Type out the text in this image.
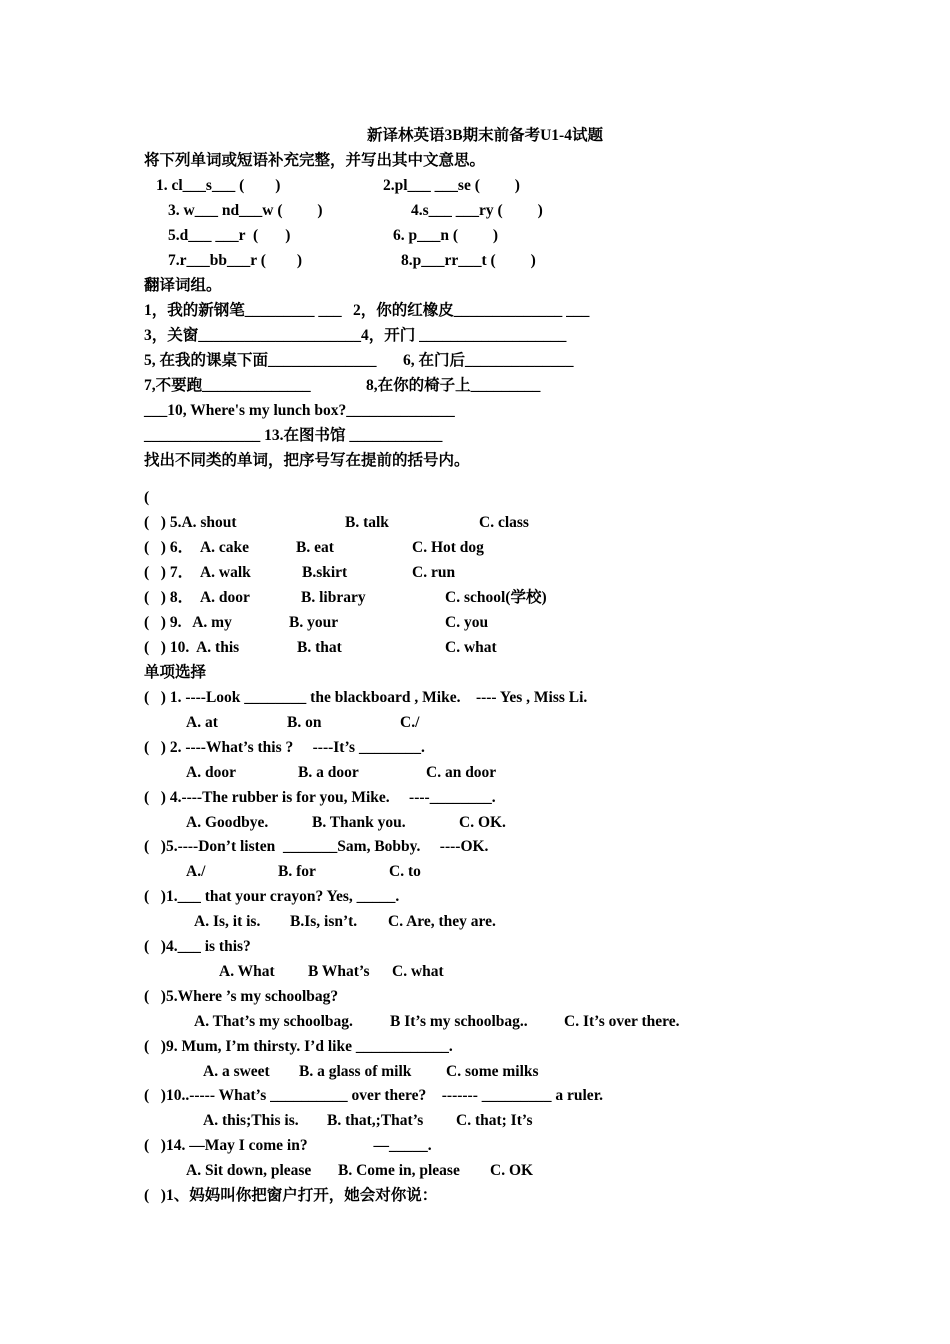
新译林英语3B期末前备考U1-4试题
将下列单词或短语补充完整，并写出其中文意思。
1. cl___s___ (        )	2.pl___ ___se (         )
3. w___ nd___w (         )	4.s___ ___ry (         )
5.d___ ___r  (       )	6. p___n (         )
7.r___bb___r (        )	8.p___rr___t (         )
翻译词组。
1，我的新钢笔_________ ___ 2，你的红橡皮______________ ___
3，关窗_____________________4，开门 ___________________
5, 在我的课桌下面______________ 6, 在门后______________
7,不要跑______________	8,在你的椅子上_________
___10, Where's my lunch box?______________
_______________ 13.在图书馆 ____________
找出不同类的单词，把序号写在提前的括号内。
(
(   ) 5.A. shout	B. talk	C. class
(   ) 6．  A. cake	B. eat	C. Hot dog
(   ) 7．  A. walk	B.skirt	C. run
(   ) 8．  A. door	B. library	C. school(学校)
(   ) 9.   A. my	B. your	C. you
(   ) 10.  A. this	B. that	C. what
单项选择
(   ) 1. ----Look ________ the blackboard , Mike.    ---- Yes , Miss Li.
A. at	B. on	C./
(   ) 2. ----What’s this ?     ----It’s ________.
A. door	B. a door	C. an door
(   ) 4.----The rubber is for you, Mike.     ----________.
A. Goodbye.	B. Thank you.	C. OK.
(   )5.----Don’t listen  _______Sam, Bobby.     ----OK.
A./	B. for	C. to
(   )1.___ that your crayon? Yes, _____.
A. Is, it is. B.Is, isn’t. C. Are, they are.
(   )4.___ is this?
A. What B What’s C. what
(   )5.Where ’s my schoolbag?
A. That’s my schoolbag. B It’s my schoolbag.. C. It’s over there.
(   )9. Mum, I’m thirsty. I’d like ____________.
A. a sweet B. a glass of milk C. some milks
(   )10..----- What’s __________ over there?    ------- _________ a ruler.
A. this;This is. B. that,;That’s C. that; It’s
(   )14. —May I come in?                 —_____.
A. Sit down, please B. Come in, please C. OK
(   )1、妈妈叫你把窗户打开，她会对你说：
